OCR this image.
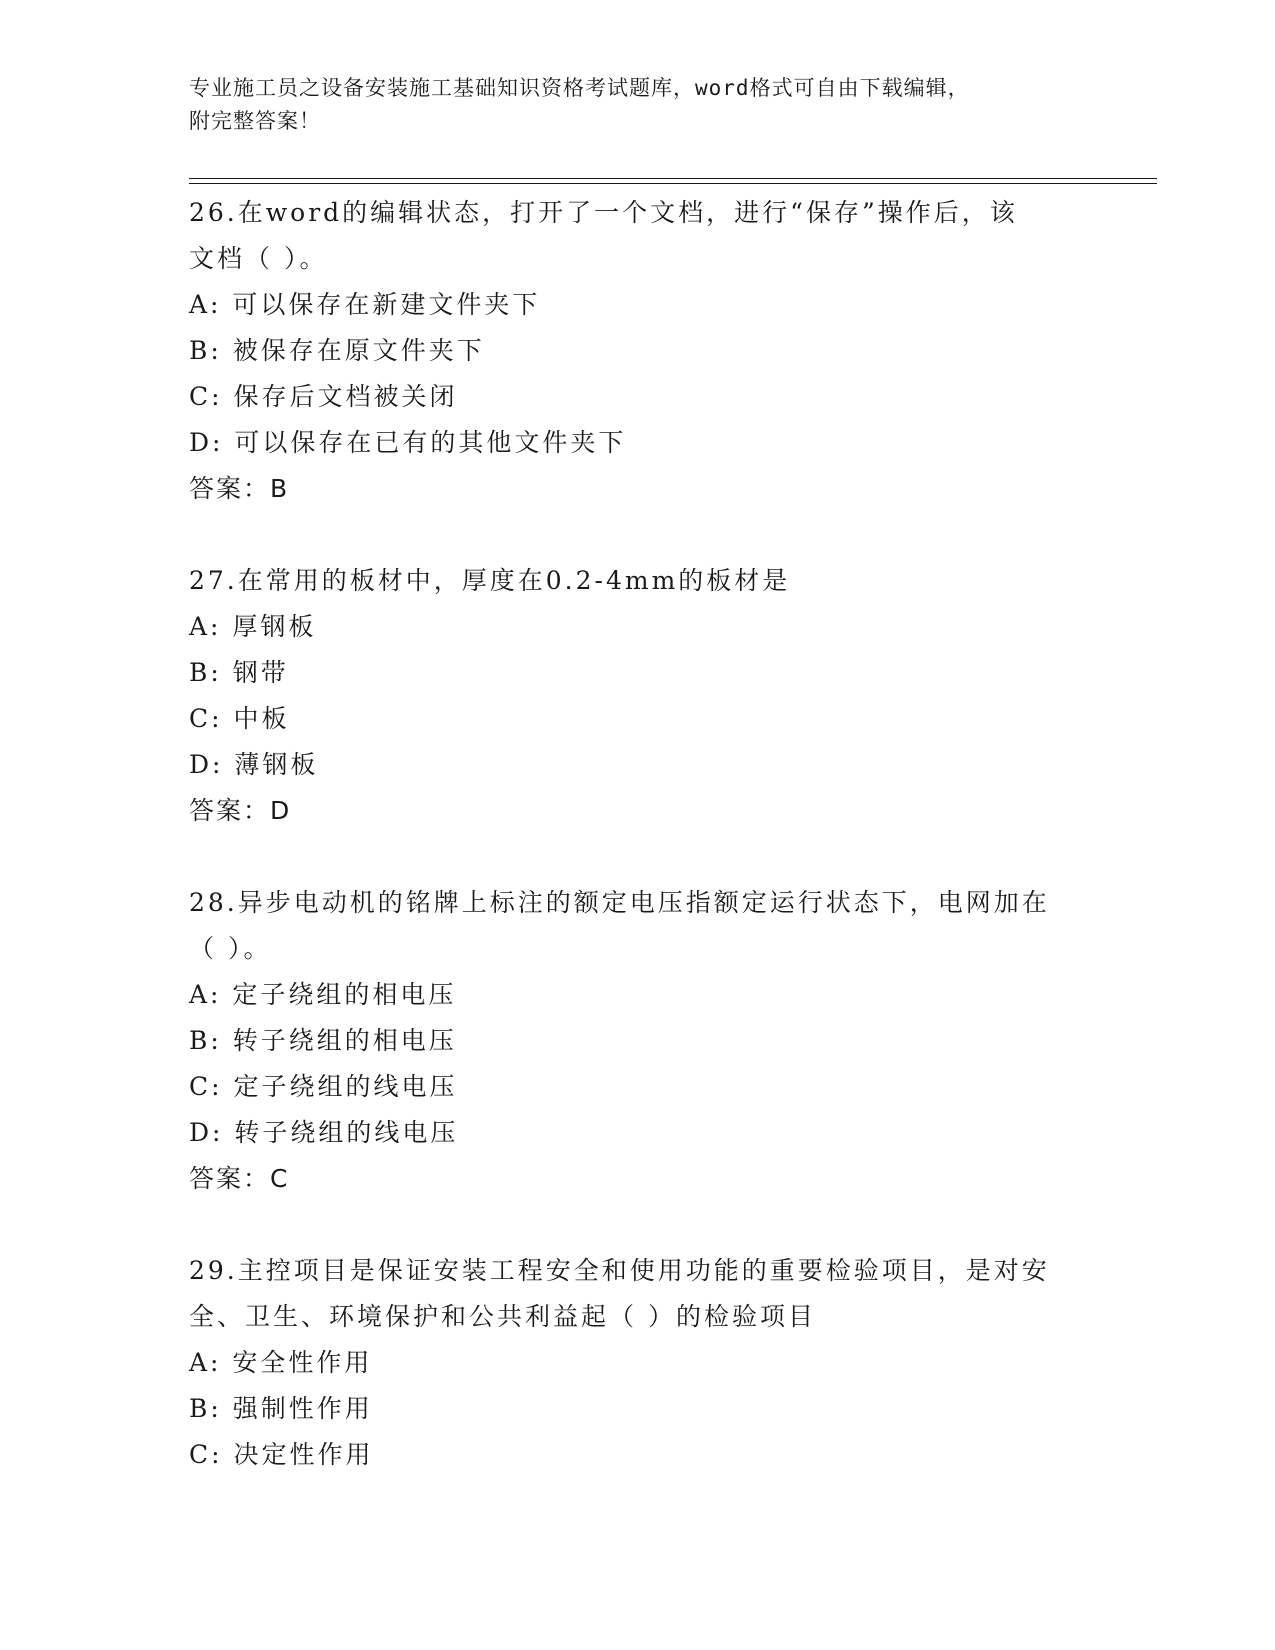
专业施工员之设备安装施工基础知识资格考试题库，word格式可自由下载编辑，
附完整答案！
26.在word的编辑状态，打开了一个文档，进行“保存”操作后，该
文档（ ）。
A: 可以保存在新建文件夹下
B: 被保存在原文件夹下
C: 保存后文档被关闭
D: 可以保存在已有的其他文件夹下
答案：B
27.在常用的板材中，厚度在0.2-4mm的板材是
A: 厚钢板
B: 钢带
C: 中板
D: 薄钢板
答案：D
28.异步电动机的铭牌上标注的额定电压指额定运行状态下，电网加在
（ ）。
A: 定子绕组的相电压
B: 转子绕组的相电压
C: 定子绕组的线电压
D: 转子绕组的线电压
答案：C
29.主控项目是保证安装工程安全和使用功能的重要检验项目，是对安
全、卫生、环境保护和公共利益起（ ）的检验项目
A: 安全性作用
B: 强制性作用
C: 决定性作用
